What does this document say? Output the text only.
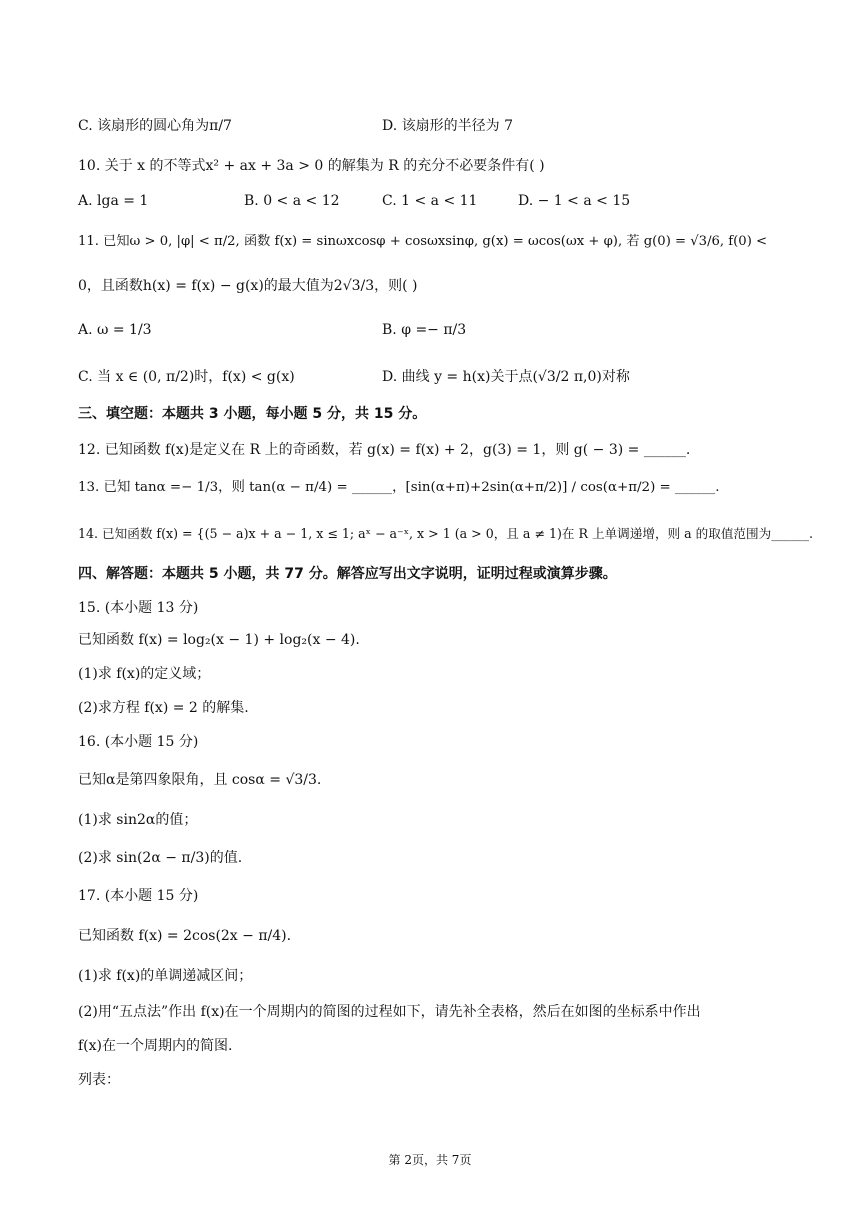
C. 该扇形的圆心角为π/7	D. 该扇形的半径为 7
10. 关于 x 的不等式x² + ax + 3a > 0 的解集为 R 的充分不必要条件有( )
A. lga = 1	B. 0 < a < 12	C. 1 < a < 11	D. − 1 < a < 15
11. 已知ω > 0, |φ| < π/2, 函数 f(x) = sinωxcosφ + cosωxsinφ, g(x) = ωcos(ωx + φ), 若 g(0) = √3/6, f(0) <
0，且函数h(x) = f(x) − g(x)的最大值为2√3/3，则( )
A. ω = 1/3	B. φ =− π/3
C. 当 x ∈ (0, π/2)时，f(x) < g(x)	D. 曲线 y = h(x)关于点(√3/2 π,0)对称
三、填空题：本题共 3 小题，每小题 5 分，共 15 分。
12. 已知函数 f(x)是定义在 R 上的奇函数，若 g(x) = f(x) + 2，g(3) = 1，则 g( − 3) = ______.
13. 已知 tanα =− 1/3，则 tan(α − π/4) = ______，[sin(α+π)+2sin(α+π/2)] / cos(α+π/2) = ______.
14. 已知函数 f(x) = {(5 − a)x + a − 1, x ≤ 1; aˣ − a⁻ˣ, x > 1 (a > 0，且 a ≠ 1)在 R 上单调递增，则 a 的取值范围为______.
四、解答题：本题共 5 小题，共 77 分。解答应写出文字说明，证明过程或演算步骤。
15. (本小题 13 分)
已知函数 f(x) = log₂(x − 1) + log₂(x − 4).
(1)求 f(x)的定义域；
(2)求方程 f(x) = 2 的解集.
16. (本小题 15 分)
已知α是第四象限角，且 cosα = √3/3.
(1)求 sin2α的值；
(2)求 sin(2α − π/3)的值.
17. (本小题 15 分)
已知函数 f(x) = 2cos(2x − π/4).
(1)求 f(x)的单调递减区间；
(2)用“五点法”作出 f(x)在一个周期内的简图的过程如下，请先补全表格，然后在如图的坐标系中作出
f(x)在一个周期内的简图.
列表：
第 2页，共 7页
